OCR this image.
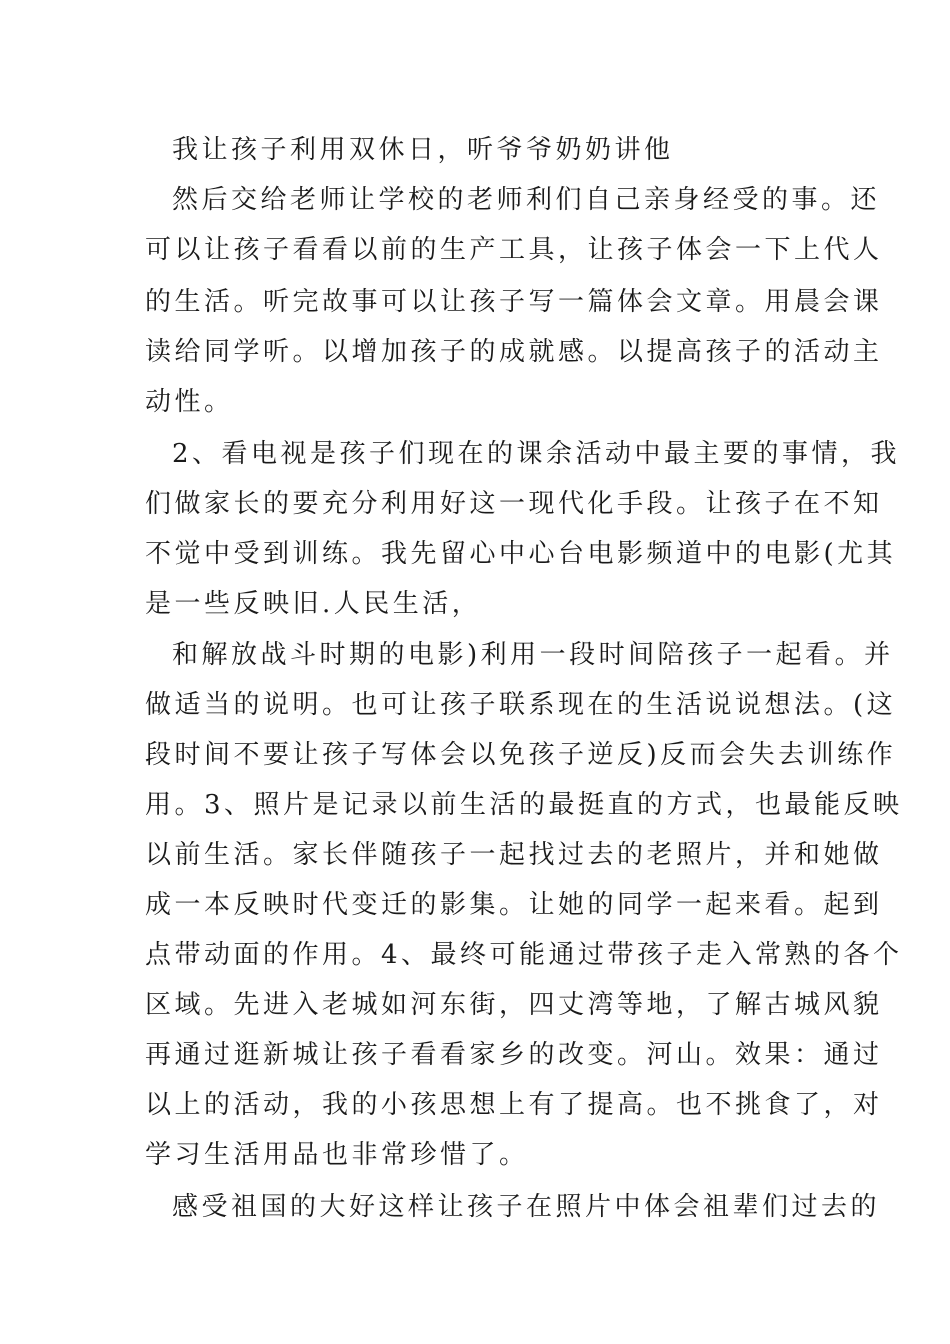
我让孩子利用双休日，听爷爷奶奶讲他
然后交给老师让学校的老师利们自己亲身经受的事。还
可以让孩子看看以前的生产工具，让孩子体会一下上代人
的生活。听完故事可以让孩子写一篇体会文章。用晨会课
读给同学听。以增加孩子的成就感。以提高孩子的活动主
动性。
2、看电视是孩子们现在的课余活动中最主要的事情，我
们做家长的要充分利用好这一现代化手段。让孩子在不知
不觉中受到训练。我先留心中心台电影频道中的电影(尤其
是一些反映旧.人民生活，
和解放战斗时期的电影)利用一段时间陪孩子一起看。并
做适当的说明。也可让孩子联系现在的生活说说想法。(这
段时间不要让孩子写体会以免孩子逆反)反而会失去训练作
用。3、照片是记录以前生活的最挺直的方式，也最能反映
以前生活。家长伴随孩子一起找过去的老照片，并和她做
成一本反映时代变迁的影集。让她的同学一起来看。起到
点带动面的作用。4、最终可能通过带孩子走入常熟的各个
区域。先进入老城如河东街，四丈湾等地，了解古城风貌
再通过逛新城让孩子看看家乡的改变。河山。效果：通过
以上的活动，我的小孩思想上有了提高。也不挑食了，对
学习生活用品也非常珍惜了。
感受祖国的大好这样让孩子在照片中体会祖辈们过去的
